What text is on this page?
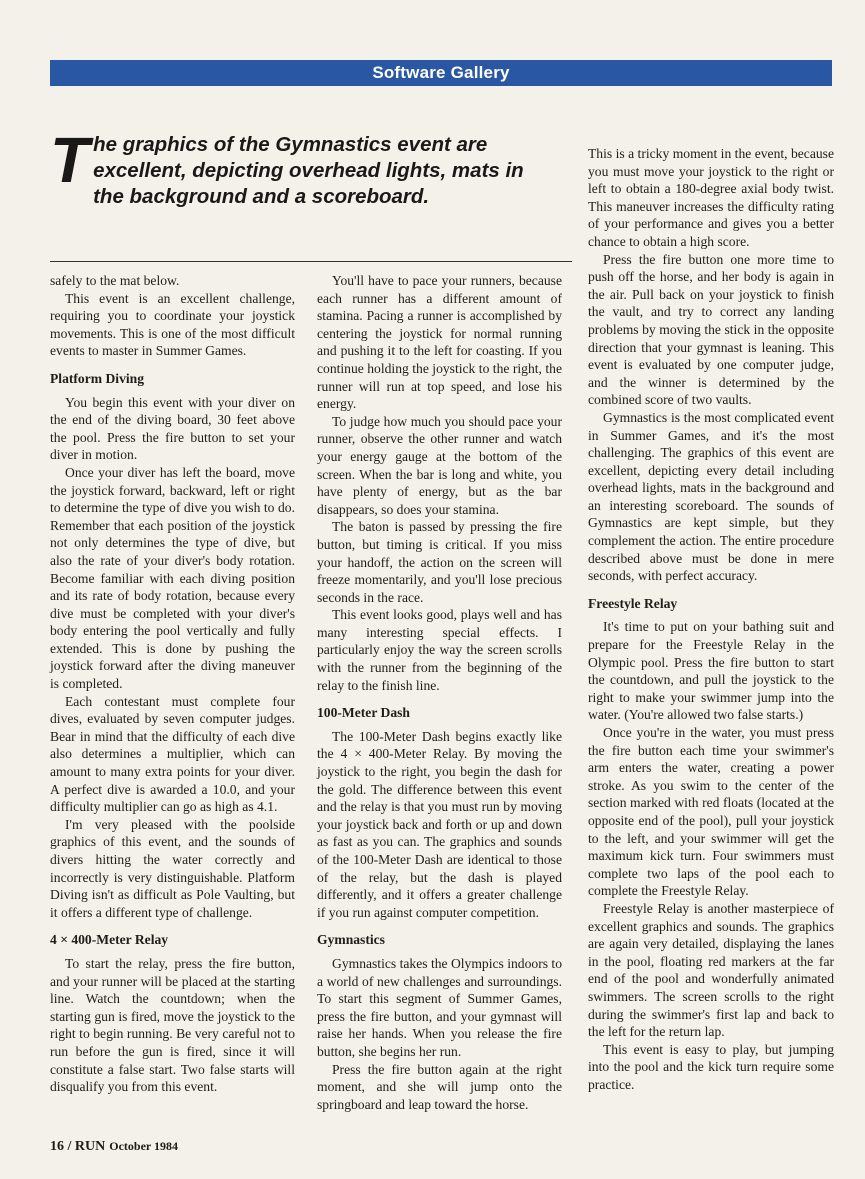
Software Gallery
The graphics of the Gymnastics event are excellent, depicting overhead lights, mats in the background and a scoreboard.

safely to the mat below.

This event is an excellent challenge, requiring you to coordinate your joystick movements. This is one of the most difficult events to master in Summer Games.

Platform Diving

You begin this event with your diver on the end of the diving board, 30 feet above the pool. Press the fire button to set your diver in motion.

Once your diver has left the board, move the joystick forward, backward, left or right to determine the type of dive you wish to do. Remember that each position of the joystick not only determines the type of dive, but also the rate of your diver's body rotation. Become familiar with each diving position and its rate of body rotation, because every dive must be completed with your diver's body entering the pool vertically and fully extended. This is done by pushing the joystick forward after the diving maneuver is completed.

Each contestant must complete four dives, evaluated by seven computer judges. Bear in mind that the difficulty of each dive also determines a multiplier, which can amount to many extra points for your diver. A perfect dive is awarded a 10.0, and your difficulty multiplier can go as high as 4.1.

I'm very pleased with the poolside graphics of this event, and the sounds of divers hitting the water correctly and incorrectly is very distinguishable. Platform Diving isn't as difficult as Pole Vaulting, but it offers a different type of challenge.

4 × 400-Meter Relay

To start the relay, press the fire button, and your runner will be placed at the starting line. Watch the countdown; when the starting gun is fired, move the joystick to the right to begin running. Be very careful not to run before the gun is fired, since it will constitute a false start. Two false starts will disqualify you from this event.

You'll have to pace your runners, because each runner has a different amount of stamina. Pacing a runner is accomplished by centering the joystick for normal running and pushing it to the left for coasting. If you continue holding the joystick to the right, the runner will run at top speed, and lose his energy.

To judge how much you should pace your runner, observe the other runner and watch your energy gauge at the bottom of the screen. When the bar is long and white, you have plenty of energy, but as the bar disappears, so does your stamina.

The baton is passed by pressing the fire button, but timing is critical. If you miss your handoff, the action on the screen will freeze momentarily, and you'll lose precious seconds in the race.

This event looks good, plays well and has many interesting special effects. I particularly enjoy the way the screen scrolls with the runner from the beginning of the relay to the finish line.

100-Meter Dash

The 100-Meter Dash begins exactly like the 4 × 400-Meter Relay. By moving the joystick to the right, you begin the dash for the gold. The difference between this event and the relay is that you must run by moving your joystick back and forth or up and down as fast as you can. The graphics and sounds of the 100-Meter Dash are identical to those of the relay, but the dash is played differently, and it offers a greater challenge if you run against computer competition.

Gymnastics

Gymnastics takes the Olympics indoors to a world of new challenges and surroundings. To start this segment of Summer Games, press the fire button, and your gymnast will raise her hands. When you release the fire button, she begins her run.

Press the fire button again at the right moment, and she will jump onto the springboard and leap toward the horse.

This is a tricky moment in the event, because you must move your joystick to the right or left to obtain a 180-degree axial body twist. This maneuver increases the difficulty rating of your performance and gives you a better chance to obtain a high score.

Press the fire button one more time to push off the horse, and her body is again in the air. Pull back on your joystick to finish the vault, and try to correct any landing problems by moving the stick in the opposite direction that your gymnast is leaning. This event is evaluated by one computer judge, and the winner is determined by the combined score of two vaults.

Gymnastics is the most complicated event in Summer Games, and it's the most challenging. The graphics of this event are excellent, depicting every detail including overhead lights, mats in the background and an interesting scoreboard. The sounds of Gymnastics are kept simple, but they complement the action. The entire procedure described above must be done in mere seconds, with perfect accuracy.

Freestyle Relay

It's time to put on your bathing suit and prepare for the Freestyle Relay in the Olympic pool. Press the fire button to start the countdown, and pull the joystick to the right to make your swimmer jump into the water. (You're allowed two false starts.)

Once you're in the water, you must press the fire button each time your swimmer's arm enters the water, creating a power stroke. As you swim to the center of the section marked with red floats (located at the opposite end of the pool), pull your joystick to the left, and your swimmer will get the maximum kick turn. Four swimmers must complete two laps of the pool each to complete the Freestyle Relay.

Freestyle Relay is another masterpiece of excellent graphics and sounds. The graphics are again very detailed, displaying the lanes in the pool, floating red markers at the far end of the pool and wonderfully animated swimmers. The screen scrolls to the right during the swimmer's first lap and back to the left for the return lap.

This event is easy to play, but jumping into the pool and the kick turn require some practice.

16 / RUN October 1984
